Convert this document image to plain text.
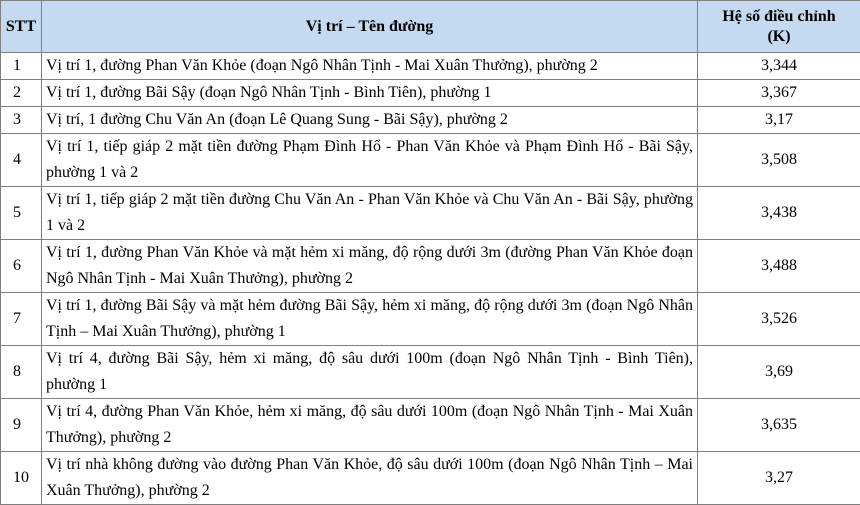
STT	Vị trí – Tên đường	Hệ số điều chỉnh
(K)
1	Vị trí 1, đường Phan Văn Khỏe (đoạn Ngô Nhân Tịnh - Mai Xuân Thưởng), phường 2	3,344
2	Vị trí 1, đường Bãi Sậy (đoạn Ngô Nhân Tịnh - Bình Tiên), phường 1	3,367
3	Vị trí, 1 đường Chu Văn An (đoạn Lê Quang Sung - Bãi Sậy), phường 2	3,17
4	Vị trí 1, tiếp giáp 2 mặt tiền đường Phạm Đình Hổ - Phan Văn Khỏe và Phạm Đình Hổ - Bãi Sậy, phường 1 và 2	3,508
5	Vị trí 1, tiếp giáp 2 mặt tiền đường Chu Văn An - Phan Văn Khỏe và Chu Văn An - Bãi Sậy, phường 1 và 2	3,438
6	Vị trí 1, đường Phan Văn Khỏe và mặt hẻm xi măng, độ rộng dưới 3m (đường Phan Văn Khỏe đoạn Ngô Nhân Tịnh - Mai Xuân Thưởng), phường 2	3,488
7	Vị trí 1, đường Bãi Sậy và mặt hẻm đường Bãi Sậy, hẻm xi măng, độ rộng dưới 3m (đoạn Ngô Nhân Tịnh – Mai Xuân Thưởng), phường 1	3,526
8	Vị trí 4, đường Bãi Sậy, hẻm xi măng, độ sâu dưới 100m (đoạn Ngô Nhân Tịnh - Bình Tiên), phường 1	3,69
9	Vị trí 4, đường Phan Văn Khỏe, hẻm xi măng, độ sâu dưới 100m (đoạn Ngô Nhân Tịnh - Mai Xuân Thưởng), phường 2	3,635
10	Vị trí nhà không đường vào đường Phan Văn Khỏe, độ sâu dưới 100m (đoạn Ngô Nhân Tịnh – Mai Xuân Thưởng), phường 2	3,27
